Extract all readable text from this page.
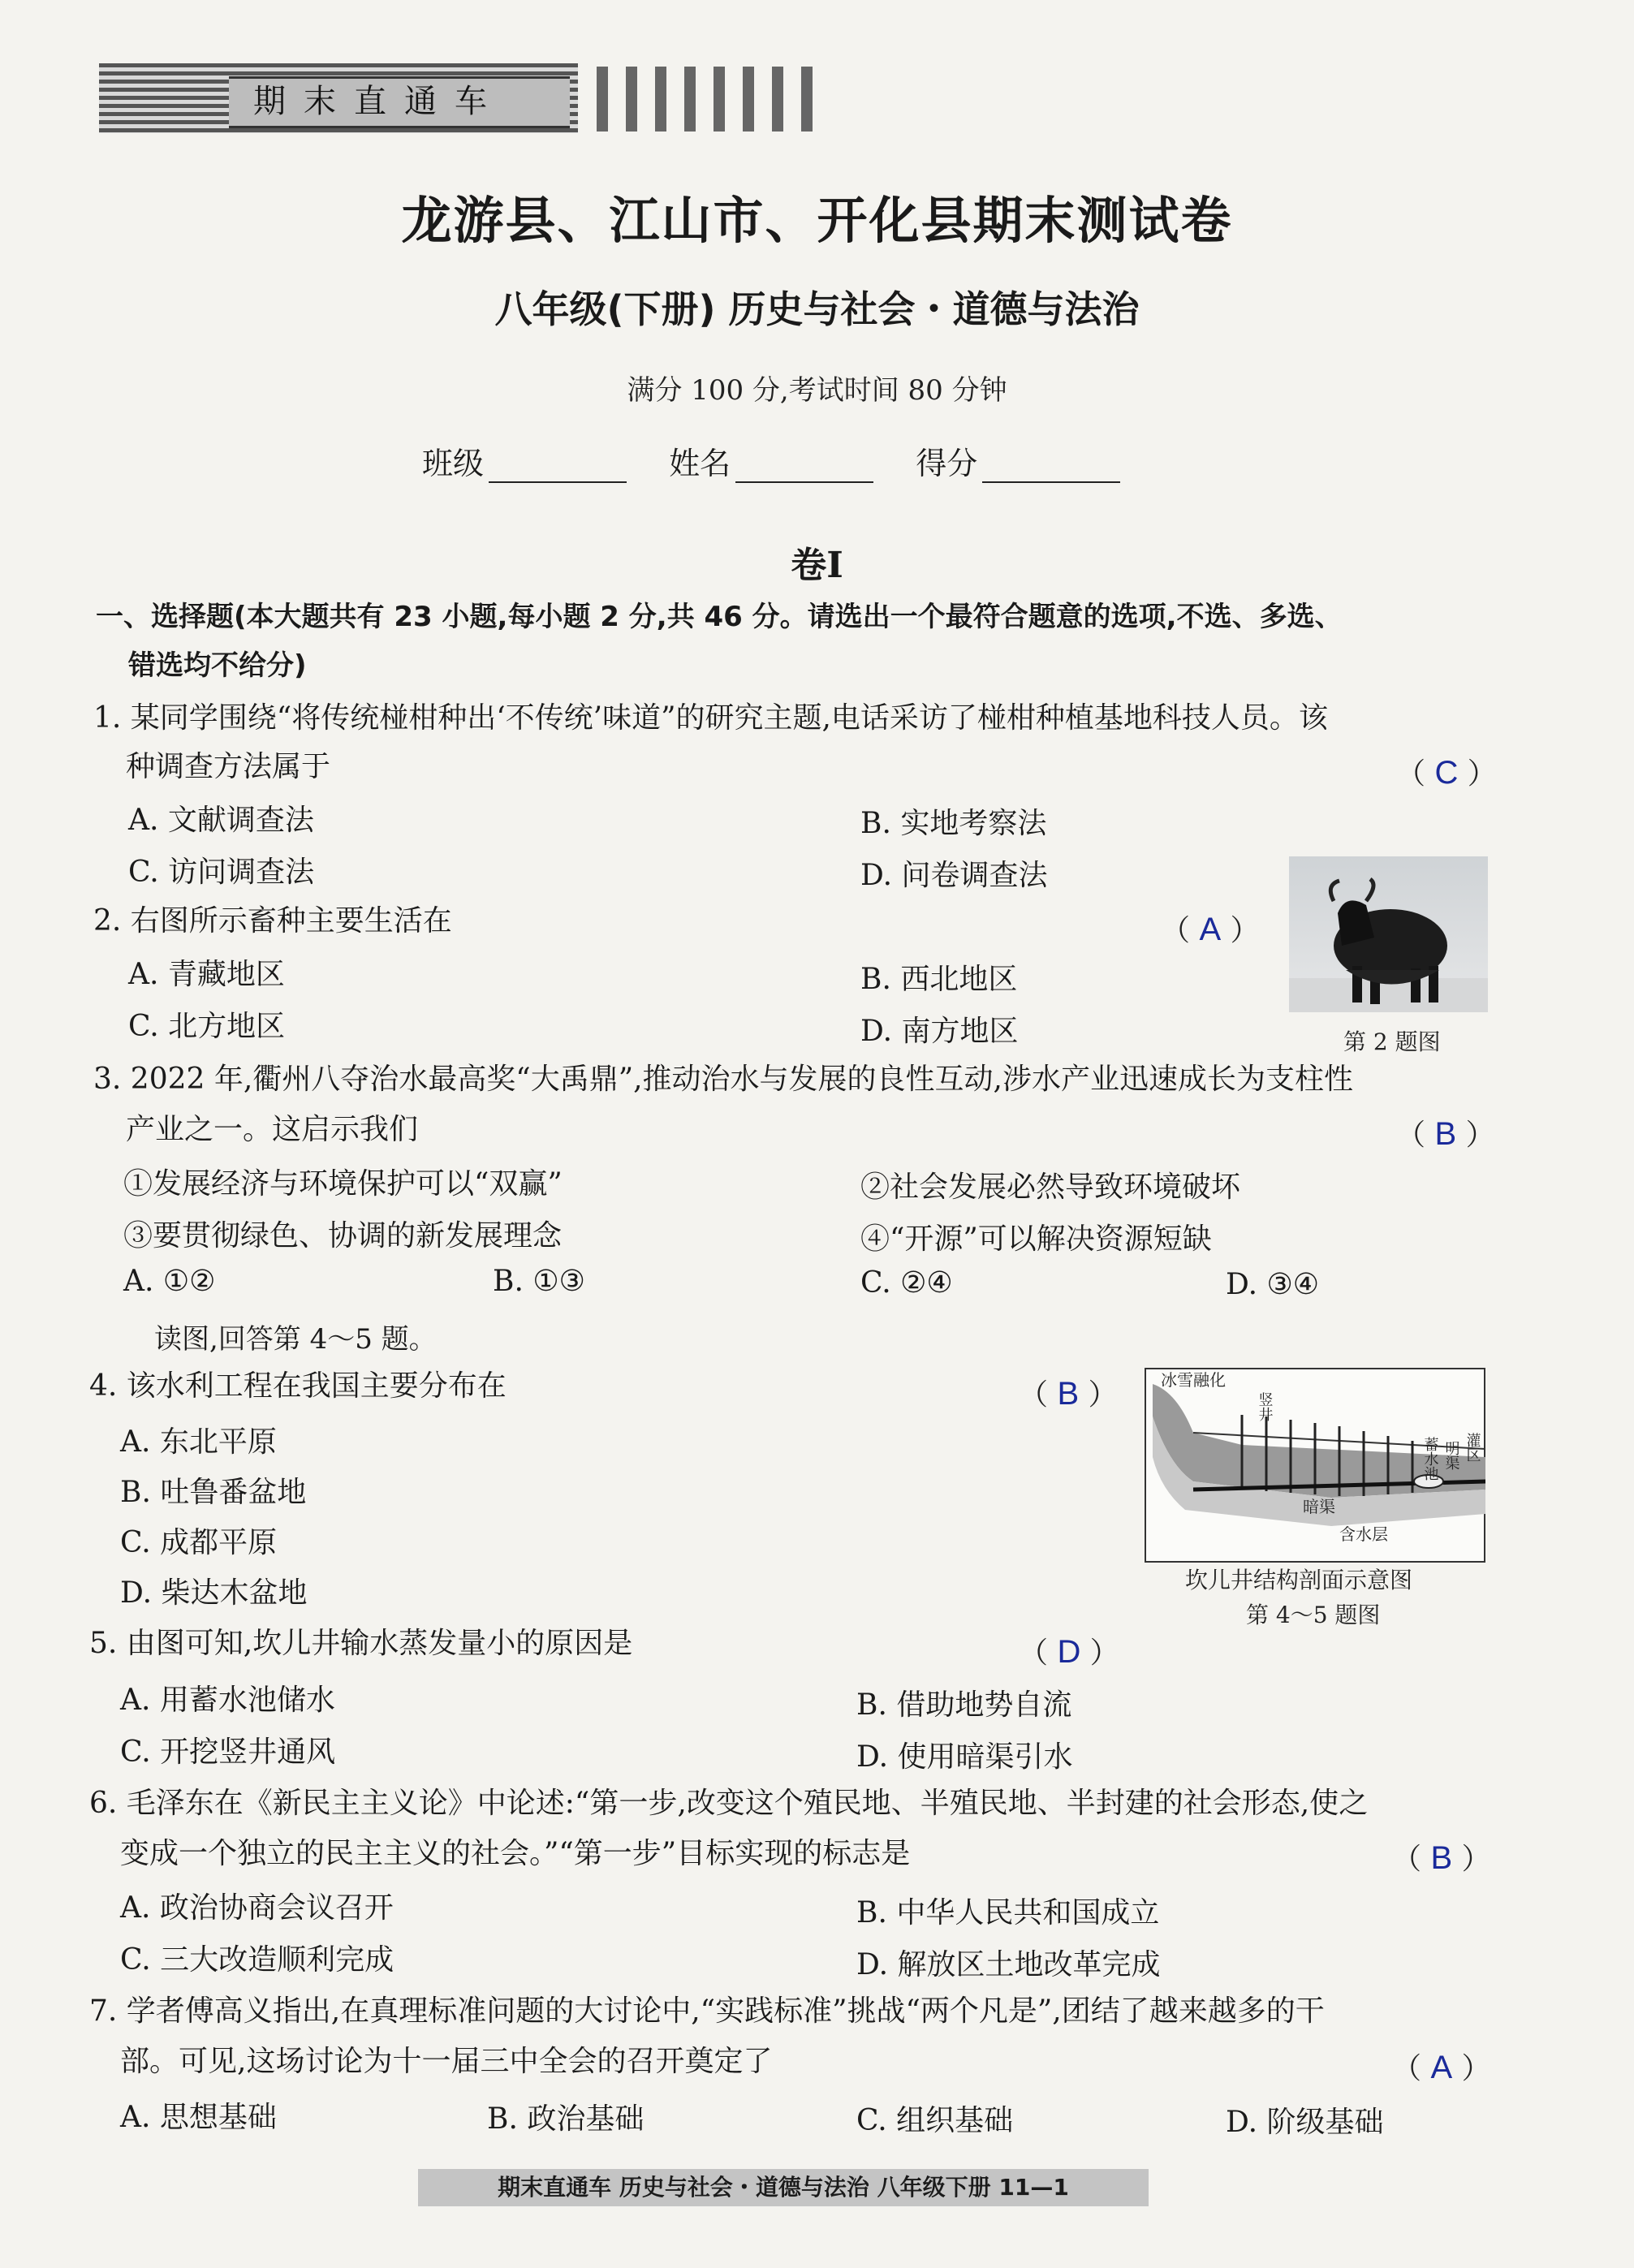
期末直通车
龙游县、江山市、开化县期末测试卷
八年级(下册) 历史与社会・道德与法治
满分 100 分,考试时间 80 分钟
班级	姓名	得分
卷Ⅰ
一、选择题(本大题共有 23 小题,每小题 2 分,共 46 分。请选出一个最符合题意的选项,不选、多选、
错选均不给分)
1. 某同学围绕“将传统椪柑种出‘不传统’味道”的研究主题,电话采访了椪柑种植基地科技人员。该
种调查方法属于	（ C ）
A. 文献调查法	B. 实地考察法
C. 访问调查法	D. 问卷调查法
2. 右图所示畜种主要生活在	（ A ）
A. 青藏地区	B. 西北地区
C. 北方地区	D. 南方地区	第 2 题图
3. 2022 年,衢州八夺治水最高奖“大禹鼎”,推动治水与发展的良性互动,涉水产业迅速成长为支柱性
产业之一。这启示我们	（ B ）
①发展经济与环境保护可以“双赢”	②社会发展必然导致环境破坏
③要贯彻绿色、协调的新发展理念	④“开源”可以解决资源短缺
A. ①②	B. ①③	C. ②④	D. ③④
读图,回答第 4～5 题。
4. 该水利工程在我国主要分布在	（ B ）
A. 东北平原
B. 吐鲁番盆地
C. 成都平原
D. 柴达木盆地
冰雪融化
竖井
蓄水池 明渠 灌区
暗渠
含水层
坎儿井结构剖面示意图
第 4～5 题图
5. 由图可知,坎儿井输水蒸发量小的原因是	（ D ）
A. 用蓄水池储水	B. 借助地势自流
C. 开挖竖井通风	D. 使用暗渠引水
6. 毛泽东在《新民主主义论》中论述:“第一步,改变这个殖民地、半殖民地、半封建的社会形态,使之
变成一个独立的民主主义的社会。”“第一步”目标实现的标志是	（ B ）
A. 政治协商会议召开	B. 中华人民共和国成立
C. 三大改造顺利完成	D. 解放区土地改革完成
7. 学者傅高义指出,在真理标准问题的大讨论中,“实践标准”挑战“两个凡是”,团结了越来越多的干
部。可见,这场讨论为十一届三中全会的召开奠定了	（ A ）
A. 思想基础	B. 政治基础	C. 组织基础	D. 阶级基础
期末直通车 历史与社会・道德与法治 八年级下册 11—1
